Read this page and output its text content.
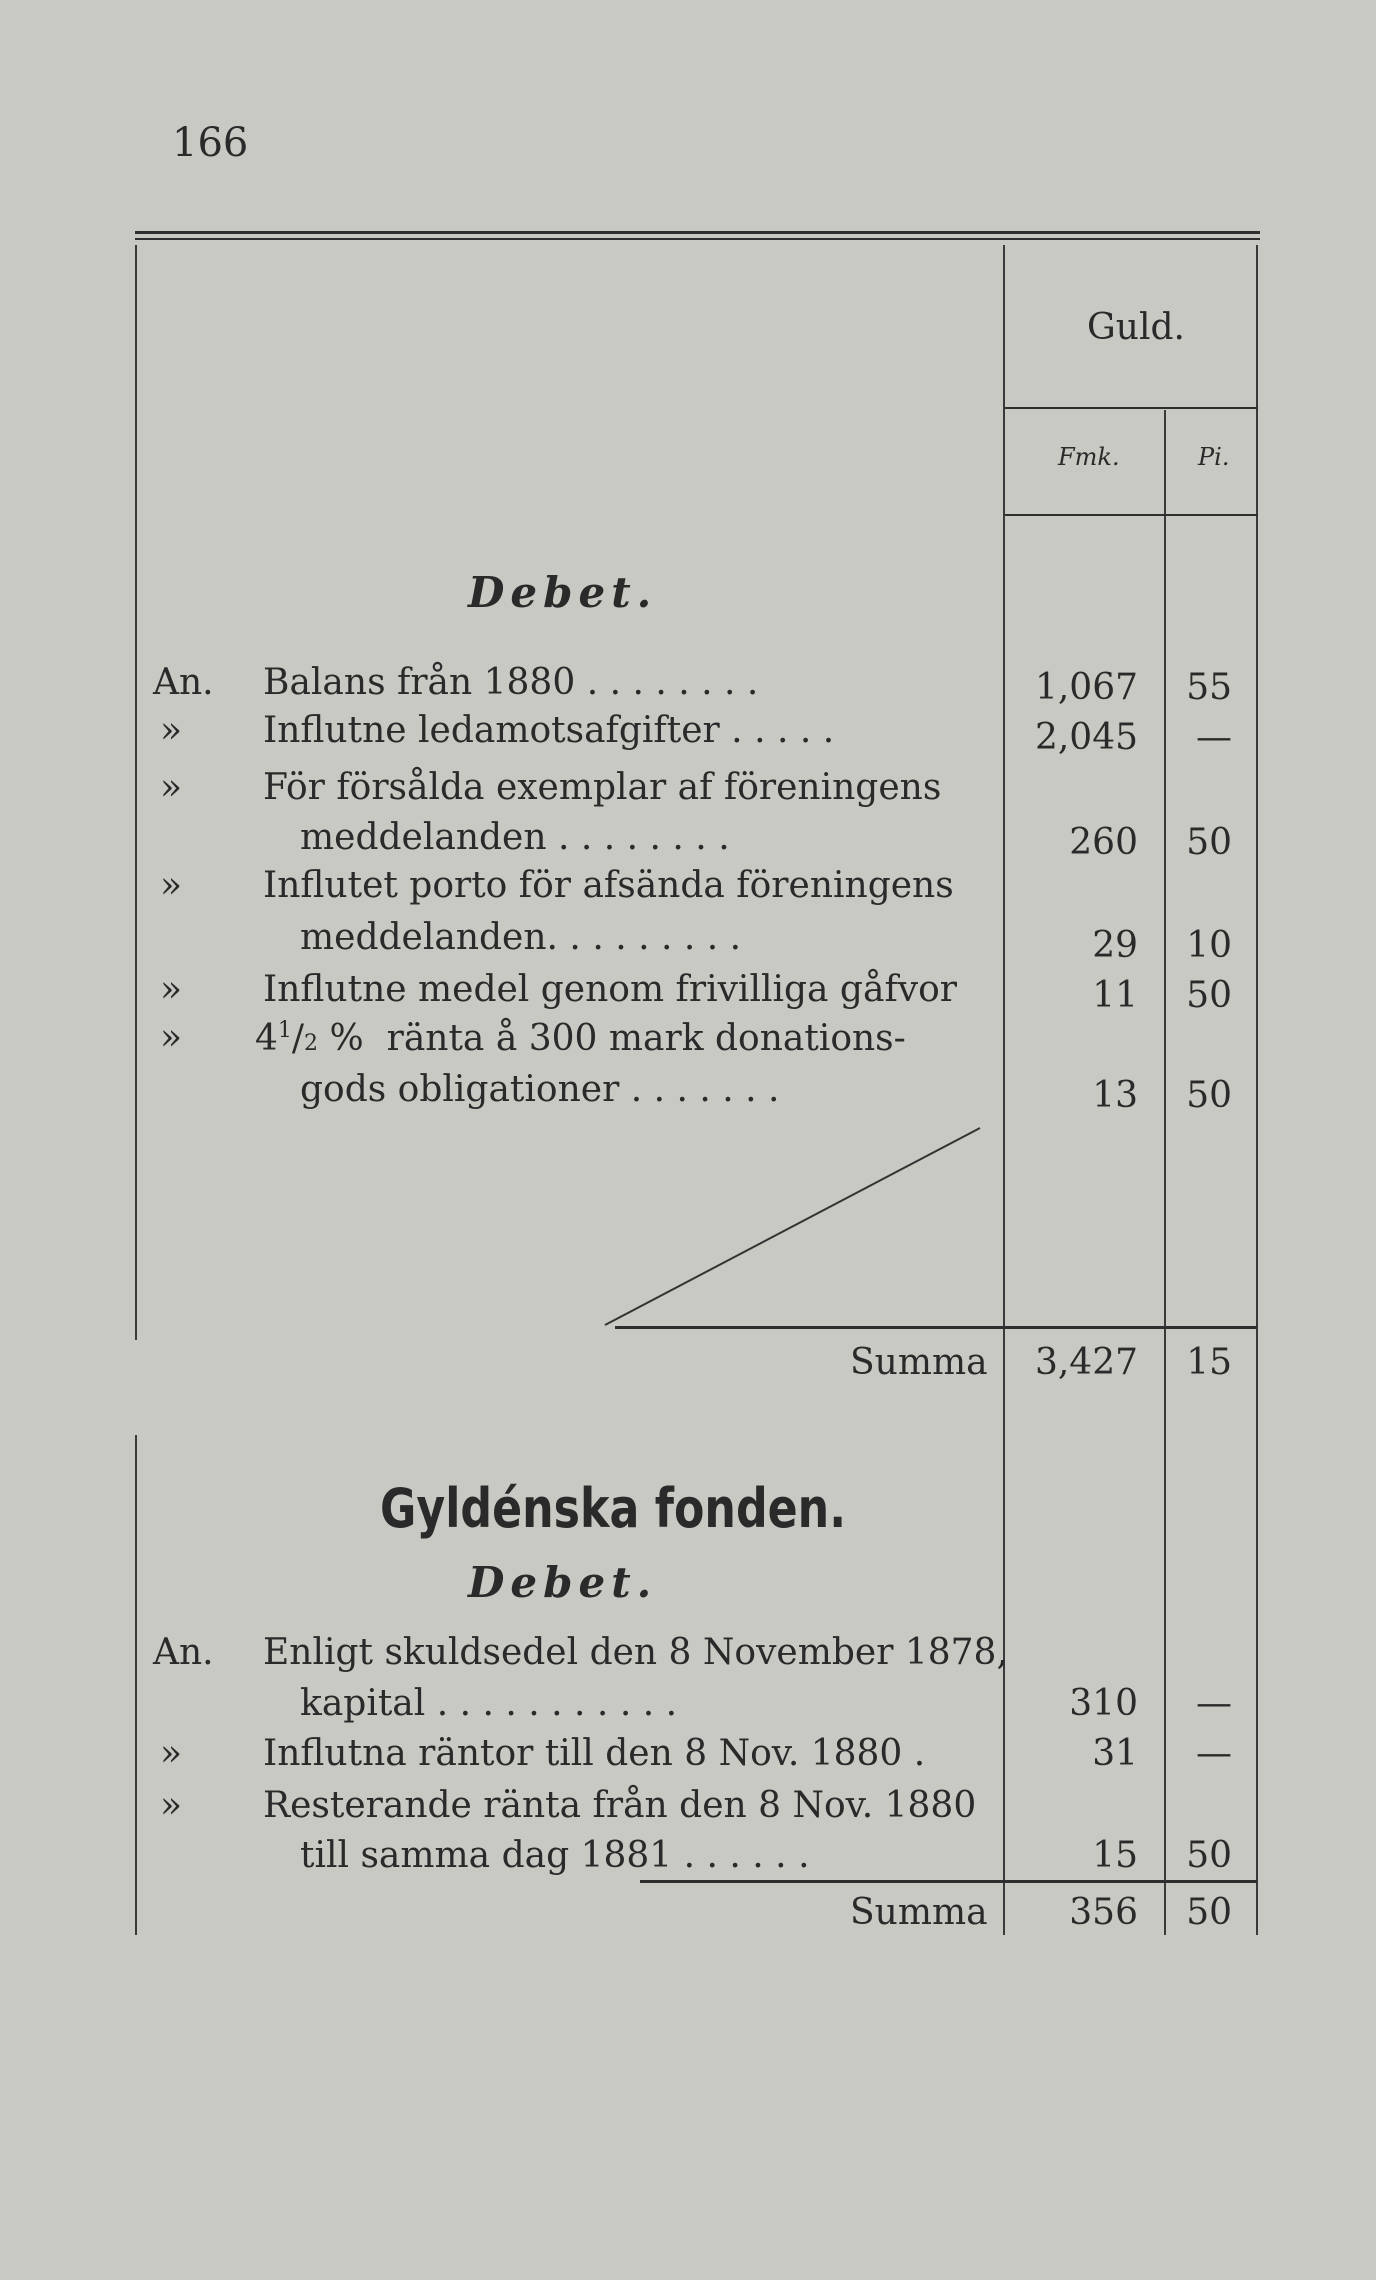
166
Guld.
Fmk.	Pi.
Debet.
An. Balans från 1880 . . . . . . . .	1,067	55
» Influtne ledamotsafgifter . . . . .	2,045	—
» För försålda exemplar af föreningens
meddelanden . . . . . . . .	260	50
» Influtet porto för afsända föreningens
meddelanden. . . . . . . . .	29	10
» Influtne medel genom frivilliga gåfvor	11	50
» $4^1/2$ % ränta å 300 mark donations-
gods obligationer . . . . . . .	13	50
Summa	3,427	15
Gyldénska fonden.
Debet.
An. Enligt skuldsedel den 8 November 1878,
kapital . . . . . . . . . . .	310	—
» Influtna räntor till den 8 Nov. 1880 .	31	—
» Resterande ränta från den 8 Nov. 1880
till samma dag 1881 . . . . . .	15	50
Summa	356	50
